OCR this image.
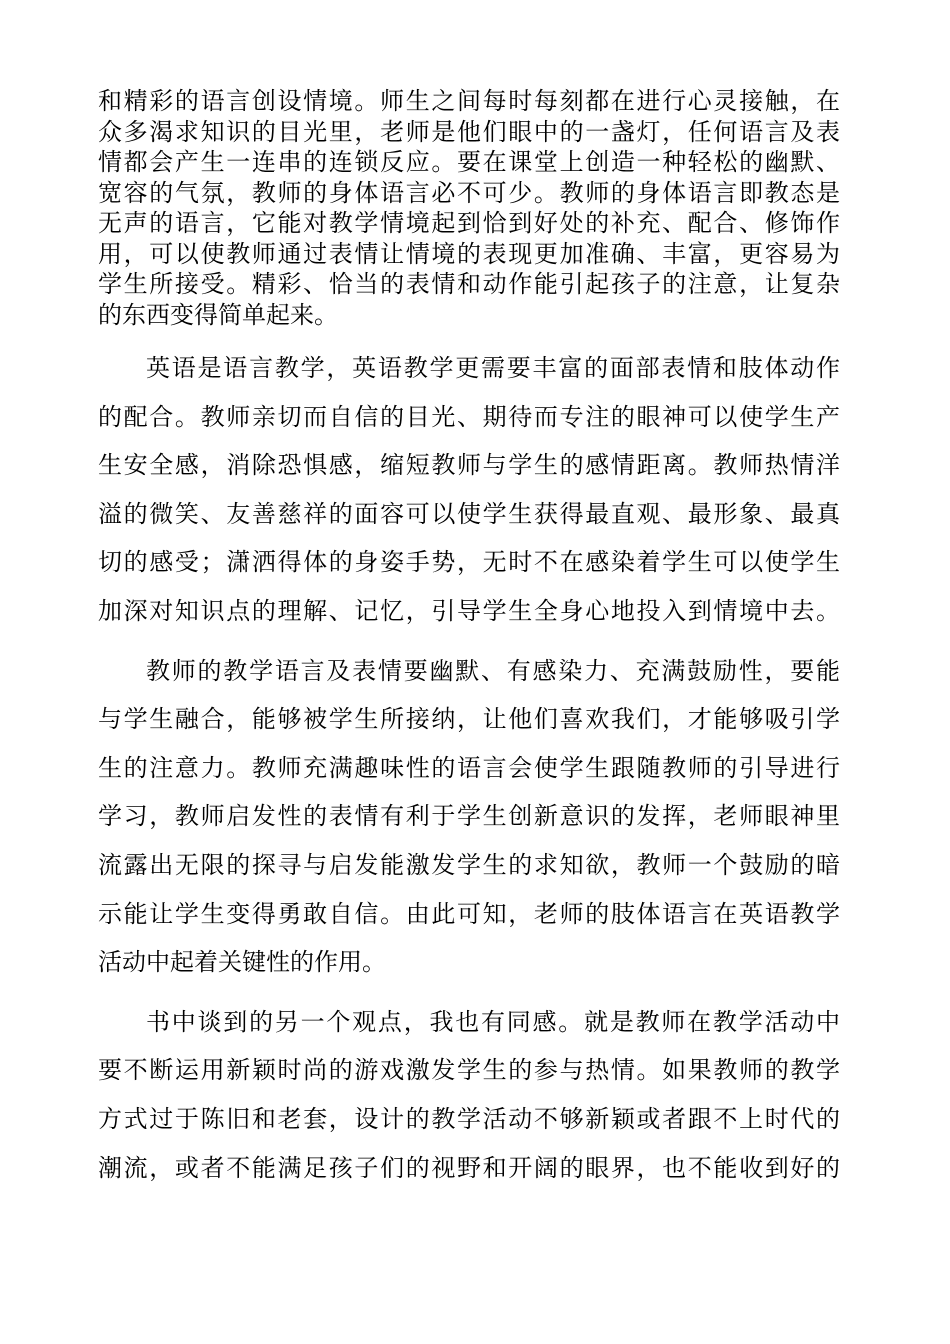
和精彩的语言创设情境。师生之间每时每刻都在进行心灵接触，在
众多渴求知识的目光里，老师是他们眼中的一盏灯，任何语言及表
情都会产生一连串的连锁反应。要在课堂上创造一种轻松的幽默、
宽容的气氛，教师的身体语言必不可少。教师的身体语言即教态是
无声的语言，它能对教学情境起到恰到好处的补充、配合、修饰作
用，可以使教师通过表情让情境的表现更加准确、丰富，更容易为
学生所接受。精彩、恰当的表情和动作能引起孩子的注意，让复杂
的东西变得简单起来。
英语是语言教学，英语教学更需要丰富的面部表情和肢体动作
的配合。教师亲切而自信的目光、期待而专注的眼神可以使学生产
生安全感，消除恐惧感，缩短教师与学生的感情距离。教师热情洋
溢的微笑、友善慈祥的面容可以使学生获得最直观、最形象、最真
切的感受；潇洒得体的身姿手势，无时不在感染着学生可以使学生
加深对知识点的理解、记忆，引导学生全身心地投入到情境中去。
教师的教学语言及表情要幽默、有感染力、充满鼓励性，要能
与学生融合，能够被学生所接纳，让他们喜欢我们，才能够吸引学
生的注意力。教师充满趣味性的语言会使学生跟随教师的引导进行
学习，教师启发性的表情有利于学生创新意识的发挥，老师眼神里
流露出无限的探寻与启发能激发学生的求知欲，教师一个鼓励的暗
示能让学生变得勇敢自信。由此可知，老师的肢体语言在英语教学
活动中起着关键性的作用。
书中谈到的另一个观点，我也有同感。就是教师在教学活动中
要不断运用新颖时尚的游戏激发学生的参与热情。如果教师的教学
方式过于陈旧和老套，设计的教学活动不够新颖或者跟不上时代的
潮流，或者不能满足孩子们的视野和开阔的眼界，也不能收到好的
